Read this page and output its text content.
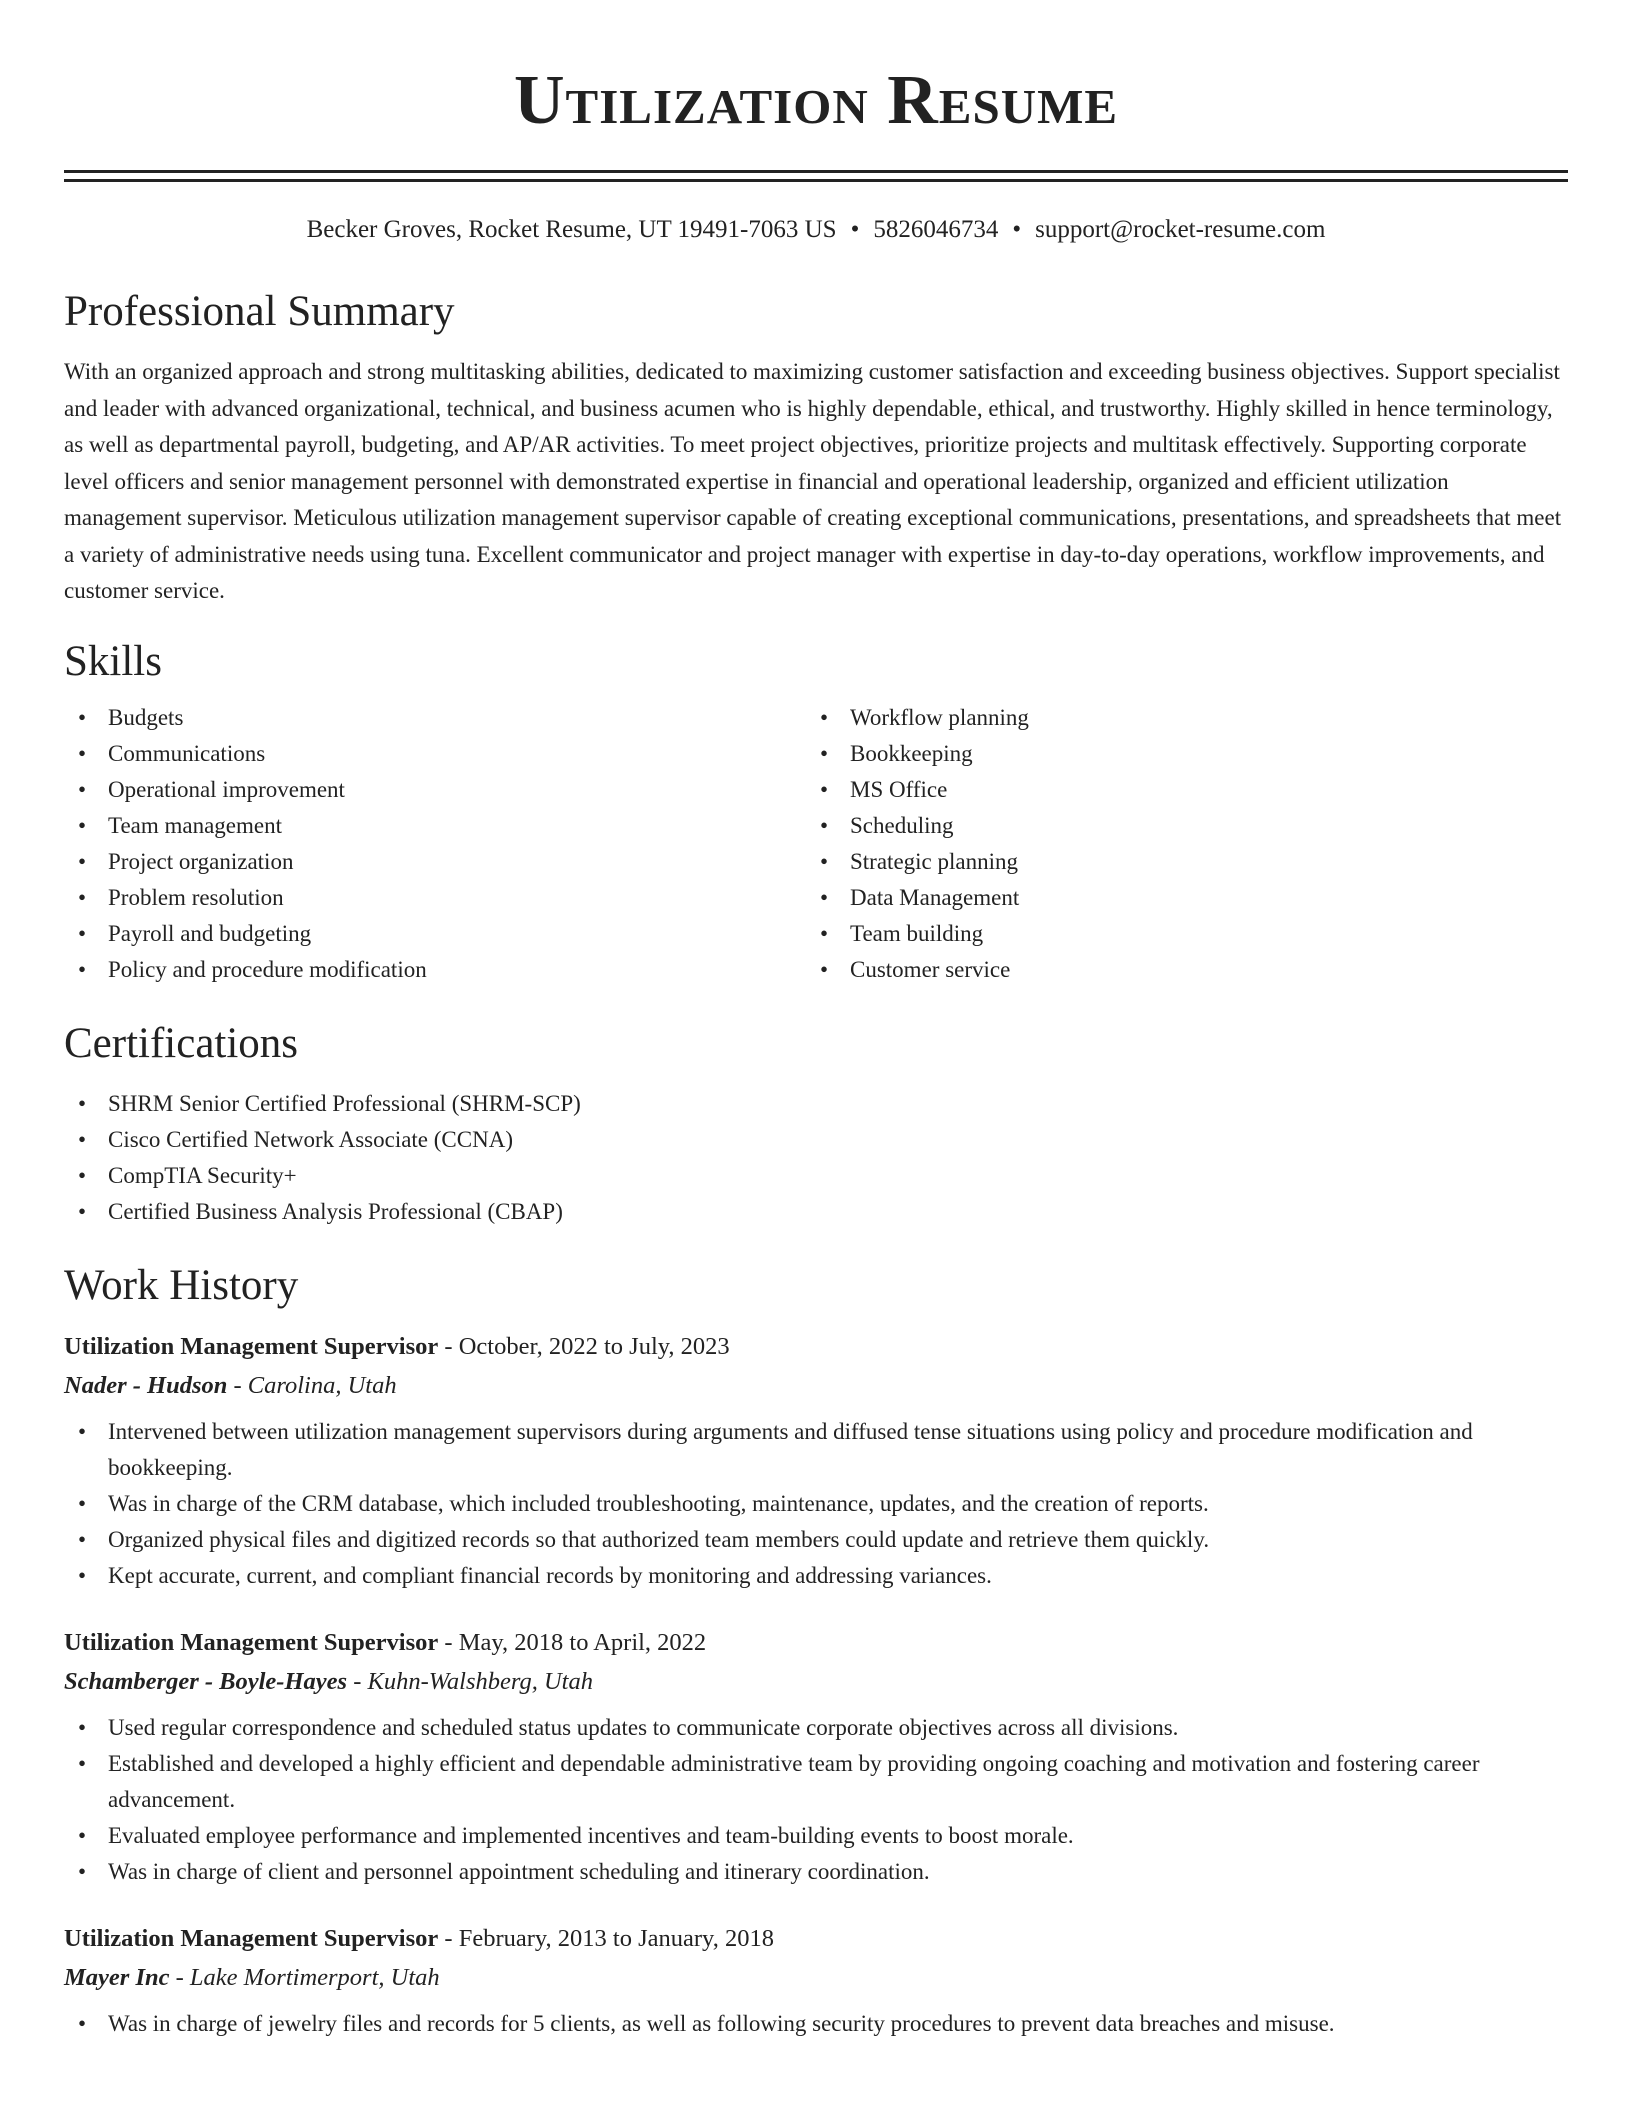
Utilization Resume
Becker Groves, Rocket Resume, UT 19491-7063 US • 5826046734 • support@rocket-resume.com
Professional Summary

With an organized approach and strong multitasking abilities, dedicated to maximizing customer satisfaction and exceeding business objectives. Support specialist and leader with advanced organizational, technical, and business acumen who is highly dependable, ethical, and trustworthy. Highly skilled in hence terminology, as well as departmental payroll, budgeting, and AP/AR activities. To meet project objectives, prioritize projects and multitask effectively. Supporting corporate level officers and senior management personnel with demonstrated expertise in financial and operational leadership, organized and efficient utilization management supervisor. Meticulous utilization management supervisor capable of creating exceptional communications, presentations, and spreadsheets that meet a variety of administrative needs using tuna. Excellent communicator and project manager with expertise in day-to-day operations, workflow improvements, and customer service.

Skills
• Budgets
• Communications
• Operational improvement
• Team management
• Project organization
• Problem resolution
• Payroll and budgeting
• Policy and procedure modification
• Workflow planning
• Bookkeeping
• MS Office
• Scheduling
• Strategic planning
• Data Management
• Team building
• Customer service
Certifications
• SHRM Senior Certified Professional (SHRM-SCP)
• Cisco Certified Network Associate (CCNA)
• CompTIA Security+
• Certified Business Analysis Professional (CBAP)
Work History
Utilization Management Supervisor - October, 2022 to July, 2023
Nader - Hudson - Carolina, Utah
• Intervened between utilization management supervisors during arguments and diffused tense situations using policy and procedure modification and bookkeeping.
• Was in charge of the CRM database, which included troubleshooting, maintenance, updates, and the creation of reports.
• Organized physical files and digitized records so that authorized team members could update and retrieve them quickly.
• Kept accurate, current, and compliant financial records by monitoring and addressing variances.
Utilization Management Supervisor - May, 2018 to April, 2022
Schamberger - Boyle-Hayes - Kuhn-Walshberg, Utah
• Used regular correspondence and scheduled status updates to communicate corporate objectives across all divisions.
• Established and developed a highly efficient and dependable administrative team by providing ongoing coaching and motivation and fostering career advancement.
• Evaluated employee performance and implemented incentives and team-building events to boost morale.
• Was in charge of client and personnel appointment scheduling and itinerary coordination.
Utilization Management Supervisor - February, 2013 to January, 2018
Mayer Inc - Lake Mortimerport, Utah
• Was in charge of jewelry files and records for 5 clients, as well as following security procedures to prevent data breaches and misuse.
